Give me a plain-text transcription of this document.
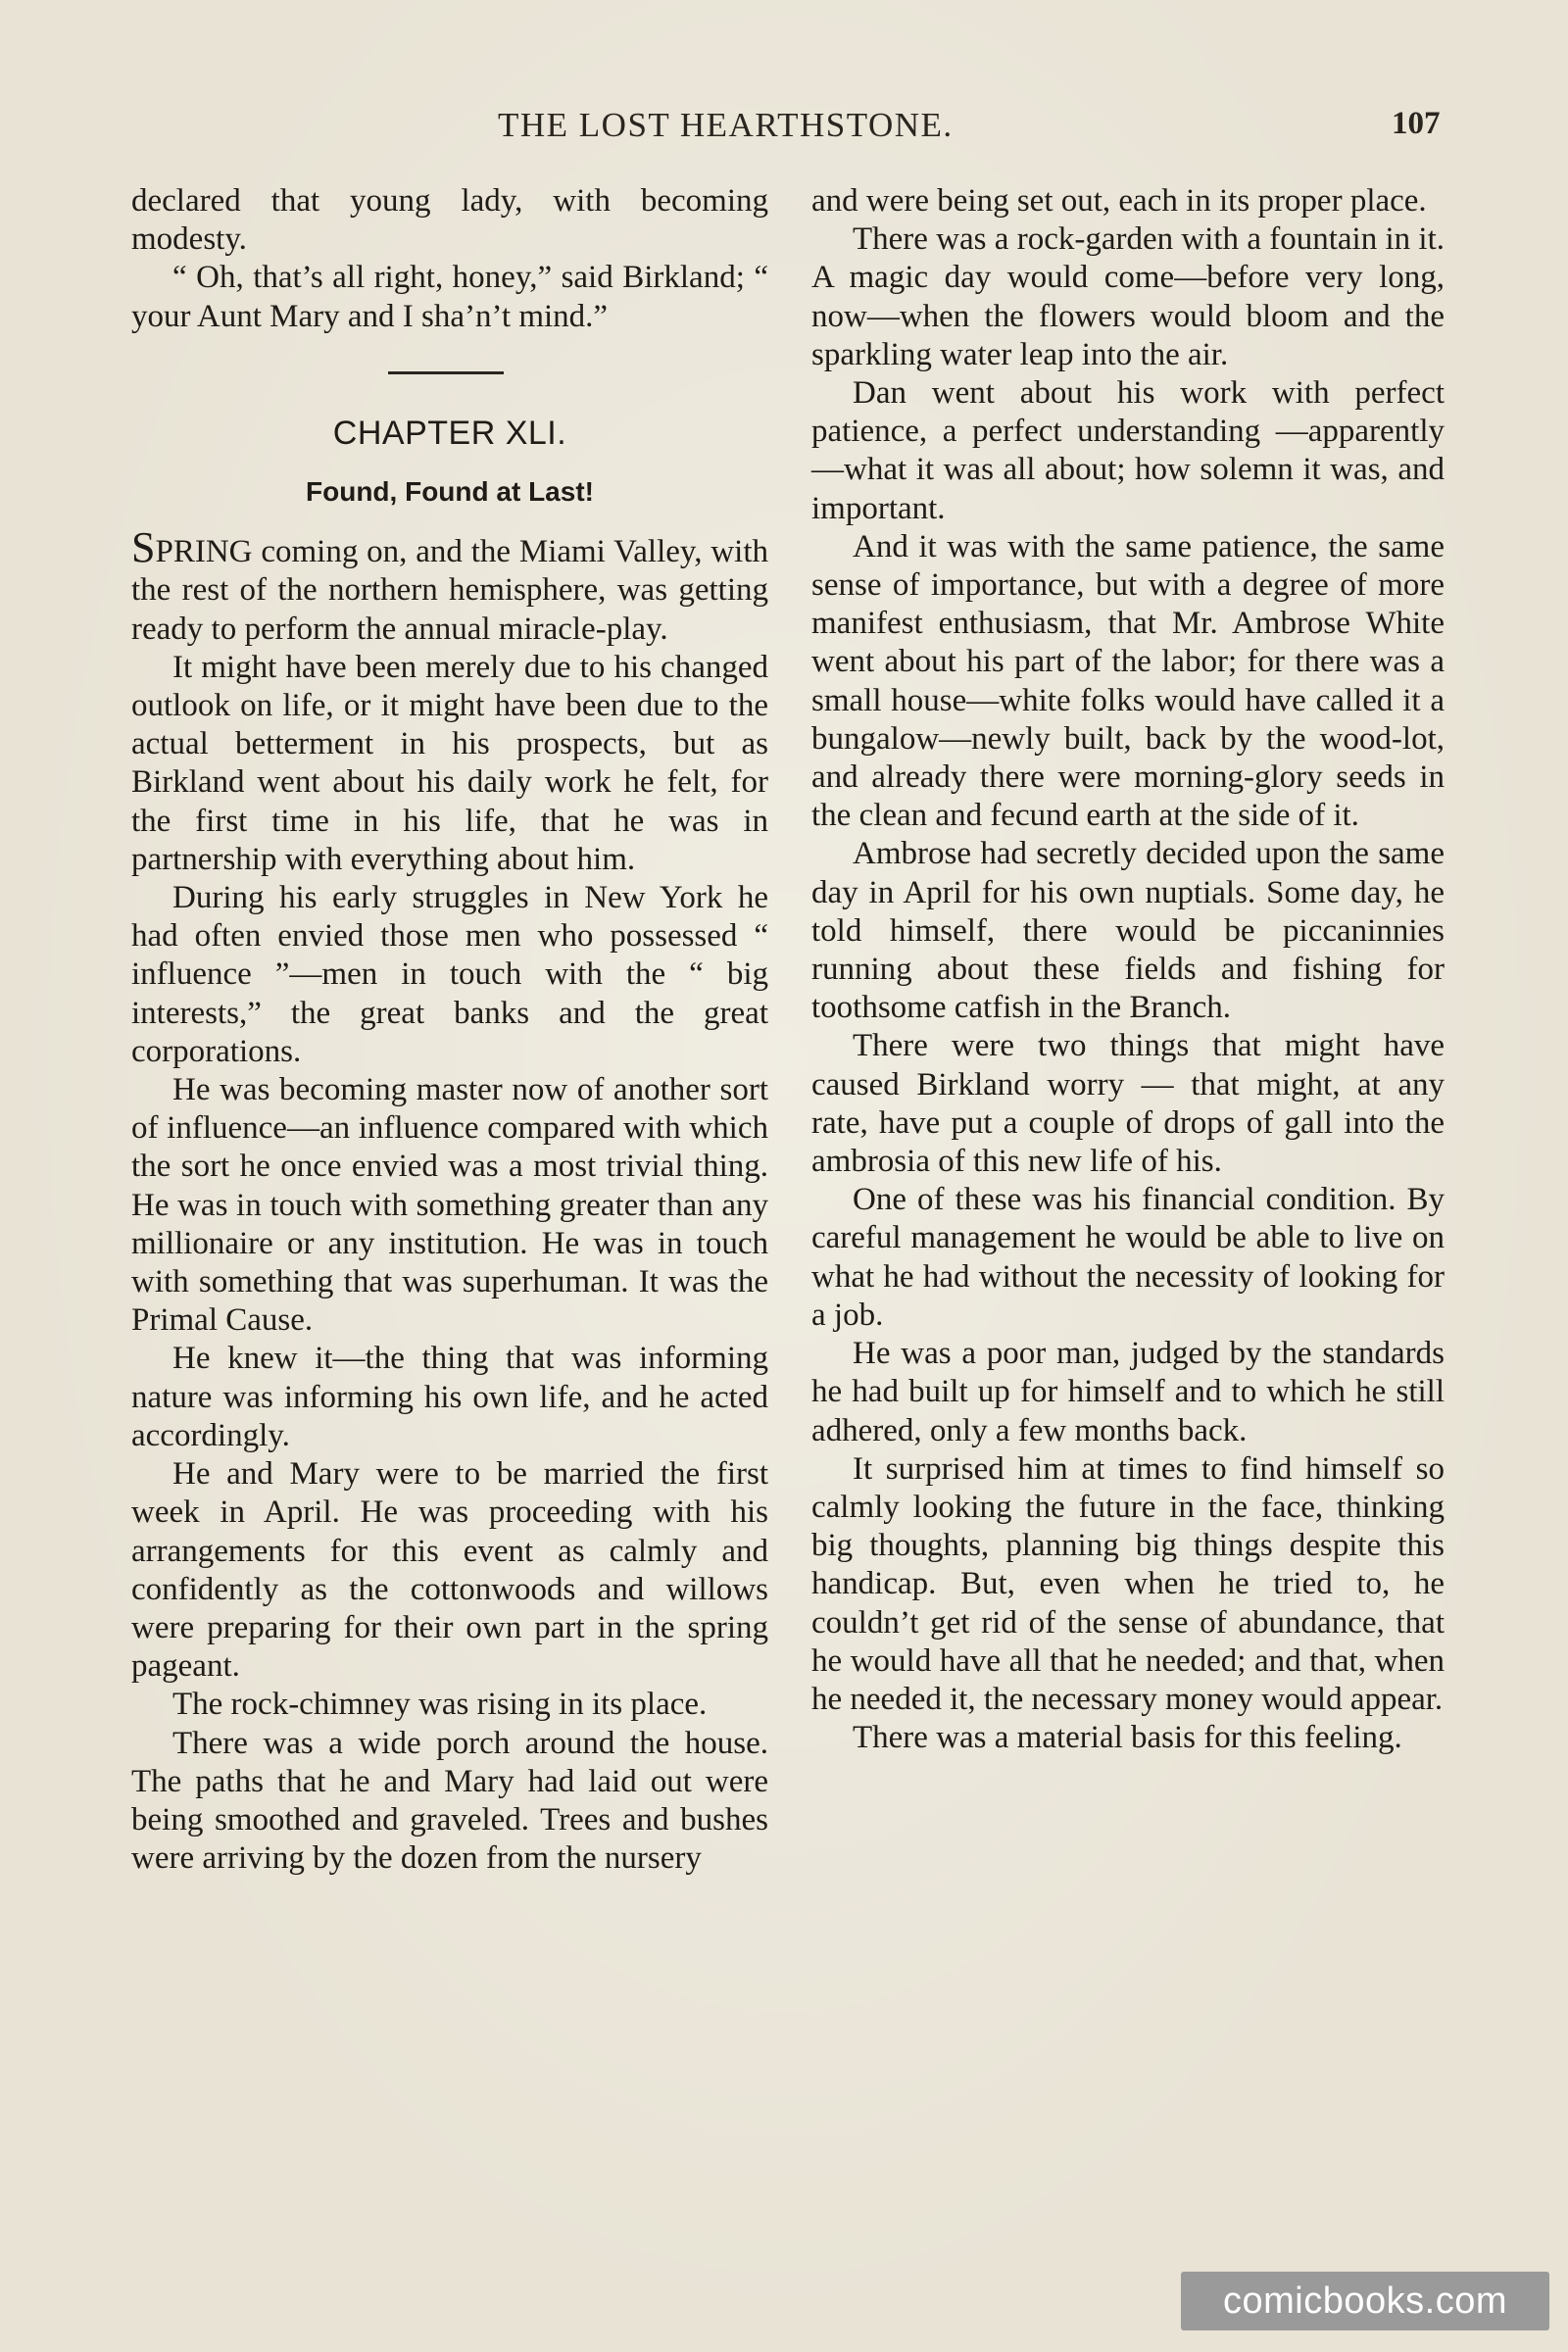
THE LOST HEARTHSTONE.	107

declared that young lady, with becoming modesty.

“ Oh, that’s all right, honey,” said Birkland; “ your Aunt Mary and I sha’n’t mind.”

CHAPTER XLI.
Found, Found at Last!

SPRING coming on, and the Miami Valley, with the rest of the northern hemisphere, was getting ready to perform the annual miracle-play.

It might have been merely due to his changed outlook on life, or it might have been due to the actual betterment in his prospects, but as Birkland went about his daily work he felt, for the first time in his life, that he was in partnership with everything about him.

During his early struggles in New York he had often envied those men who possessed “ influence ”—men in touch with the “ big interests,” the great banks and the great corporations.

He was becoming master now of another sort of influence—an influence compared with which the sort he once envied was a most trivial thing. He was in touch with something greater than any millionaire or any institution. He was in touch with something that was superhuman. It was the Primal Cause.

He knew it—the thing that was informing nature was informing his own life, and he acted accordingly.

He and Mary were to be married the first week in April. He was proceeding with his arrangements for this event as calmly and confidently as the cottonwoods and willows were preparing for their own part in the spring pageant.

The rock-chimney was rising in its place.

There was a wide porch around the house. The paths that he and Mary had laid out were being smoothed and graveled. Trees and bushes were arriving by the dozen from the nursery

and were being set out, each in its proper place.

There was a rock-garden with a fountain in it. A magic day would come—before very long, now—when the flowers would bloom and the sparkling water leap into the air.

Dan went about his work with perfect patience, a perfect understanding —apparently—what it was all about; how solemn it was, and important.

And it was with the same patience, the same sense of importance, but with a degree of more manifest enthusiasm, that Mr. Ambrose White went about his part of the labor; for there was a small house—white folks would have called it a bungalow—newly built, back by the wood-lot, and already there were morning-glory seeds in the clean and fecund earth at the side of it.

Ambrose had secretly decided upon the same day in April for his own nuptials. Some day, he told himself, there would be piccaninnies running about these fields and fishing for toothsome catfish in the Branch.

There were two things that might have caused Birkland worry — that might, at any rate, have put a couple of drops of gall into the ambrosia of this new life of his.

One of these was his financial condition. By careful management he would be able to live on what he had without the necessity of looking for a job.

He was a poor man, judged by the standards he had built up for himself and to which he still adhered, only a few months back.

It surprised him at times to find himself so calmly looking the future in the face, thinking big thoughts, planning big things despite this handicap. But, even when he tried to, he couldn’t get rid of the sense of abundance, that he would have all that he needed; and that, when he needed it, the necessary money would appear.

There was a material basis for this feeling.

comicbooks.com
